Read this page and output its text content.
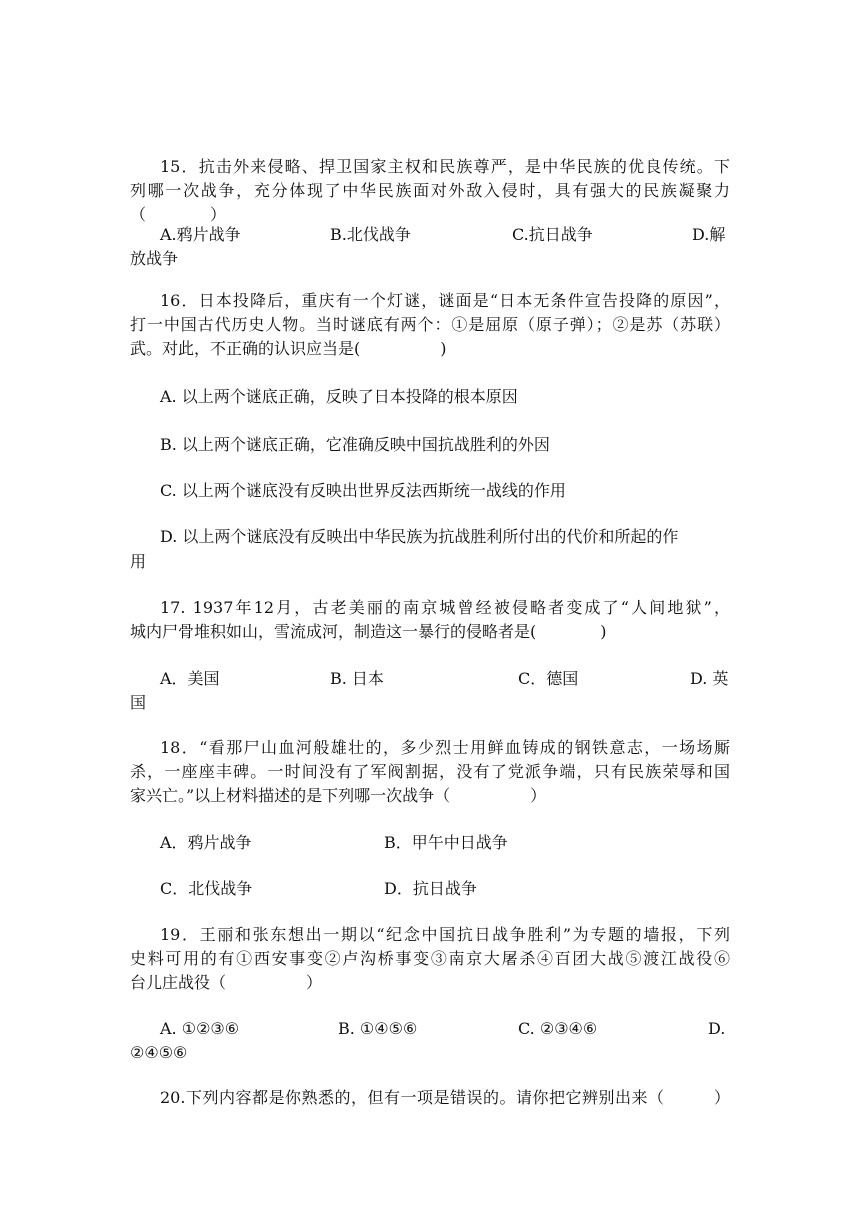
15．抗击外来侵略、捍卫国家主权和民族尊严，是中华民族的优良传统。下
列哪一次战争，充分体现了中华民族面对外敌入侵时，具有强大的民族凝聚力
（　　　　）
A.鸦片战争	B.北伐战争	C.抗日战争	D.解
放战争
16．日本投降后，重庆有一个灯谜，谜面是“日本无条件宣告投降的原因”，
打一中国古代历史人物。当时谜底有两个：①是屈原（原子弹）；②是苏（苏联）
武。对此，不正确的认识应当是(　　　　　)
A. 以上两个谜底正确，反映了日本投降的根本原因
B. 以上两个谜底正确，它准确反映中国抗战胜利的外因
C. 以上两个谜底没有反映出世界反法西斯统一战线的作用
D. 以上两个谜底没有反映出中华民族为抗战胜利所付出的代价和所起的作
用
17. 1937年12月，古老美丽的南京城曾经被侵略者变成了“人间地狱”，
城内尸骨堆积如山，雪流成河，制造这一暴行的侵略者是(　　　　)
A．美国	B. 日本	C．德国	D. 英
国
18．“看那尸山血河般雄壮的，多少烈士用鲜血铸成的钢铁意志，一场场厮
杀，一座座丰碑。一时间没有了军阀割据，没有了党派争端，只有民族荣辱和国
家兴亡。”以上材料描述的是下列哪一次战争（　　　　　）
A．鸦片战争	B．甲午中日战争
C．北伐战争	D．抗日战争
19．王丽和张东想出一期以“纪念中国抗日战争胜利”为专题的墙报，下列
史料可用的有①西安事变②卢沟桥事变③南京大屠杀④百团大战⑤渡江战役⑥
台儿庄战役（　　　　　）
A. ①②③⑥	B. ①④⑤⑥	C. ②③④⑥	D.
②④⑤⑥
20.下列内容都是你熟悉的，但有一项是错误的。请你把它辨别出来（　　　）
